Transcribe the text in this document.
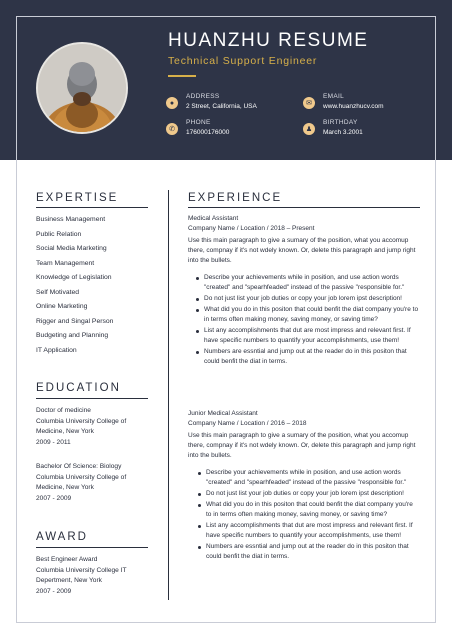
HUANZHU RESUME
Technical Support Engineer
●
ADDRESS
2 Street, California, USA	✉
EMAIL
www.huanzhucv.com
✆
PHONE
176000176000	♟
BIRTHDAY
March 3.2001
EXPERTISE
Business Management
Public Relation
Social Media Marketing
Team Management
Knowledge of Legislation
Self Motivated
Online Marketing
Rigger and Singal Person
Budgeting and Planning
IT Application
EDUCATION
Doctor of medicine
Columbia University College of Medicine, New York
2009 - 2011
Bachelor Of Science: Biology
Columbia University College of Medicine, New York
2007 - 2009
AWARD
Best Engineer Award
Columbia University College IT Depertment, New York
2007 - 2009
EXPERIENCE
Medical Assistant
Company Name / Location / 2018 – Present
Use this main paragraph to give a sumary of the position, what you accomup there, compnay if it's not wdely known. Or, delete this paragraph and jump right into the bullets.
Describe your achievements while in position, and use action words "created" and "spearhfeaded" instead of the passive "responsible for."
Do not just list your job duties or copy your job lorem ipst description!
What did you do in this positon that could benfit the diat company you're to in terms often making money, saving money, or saving time?
List any accomplishments that dut are most impress and relevant first. If have specific numbers to quantify your accomplishments, use them!
Numbers are essntial and jump out at the reader do in this positon that could benfit the diat in terms.
Junior Medical Assistant
Company Name / Location / 2016 – 2018
Use this main paragraph to give a sumary of the position, what you accomup there, compnay if it's not wdely known. Or, delete this paragraph and jump right into the bullets.
Describe your achievements while in position, and use action words "created" and "spearhfeaded" instead of the passive "responsible for."
Do not just list your job duties or copy your job lorem ipst description!
What did you do in this positon that could benfit the diat company you're to in terms often making money, saving money, or saving time?
List any accomplishments that dut are most impress and relevant first. If have specific numbers to quantify your accomplishments, use them!
Numbers are essntial and jump out at the reader do in this positon that could benfit the diat in terms.
